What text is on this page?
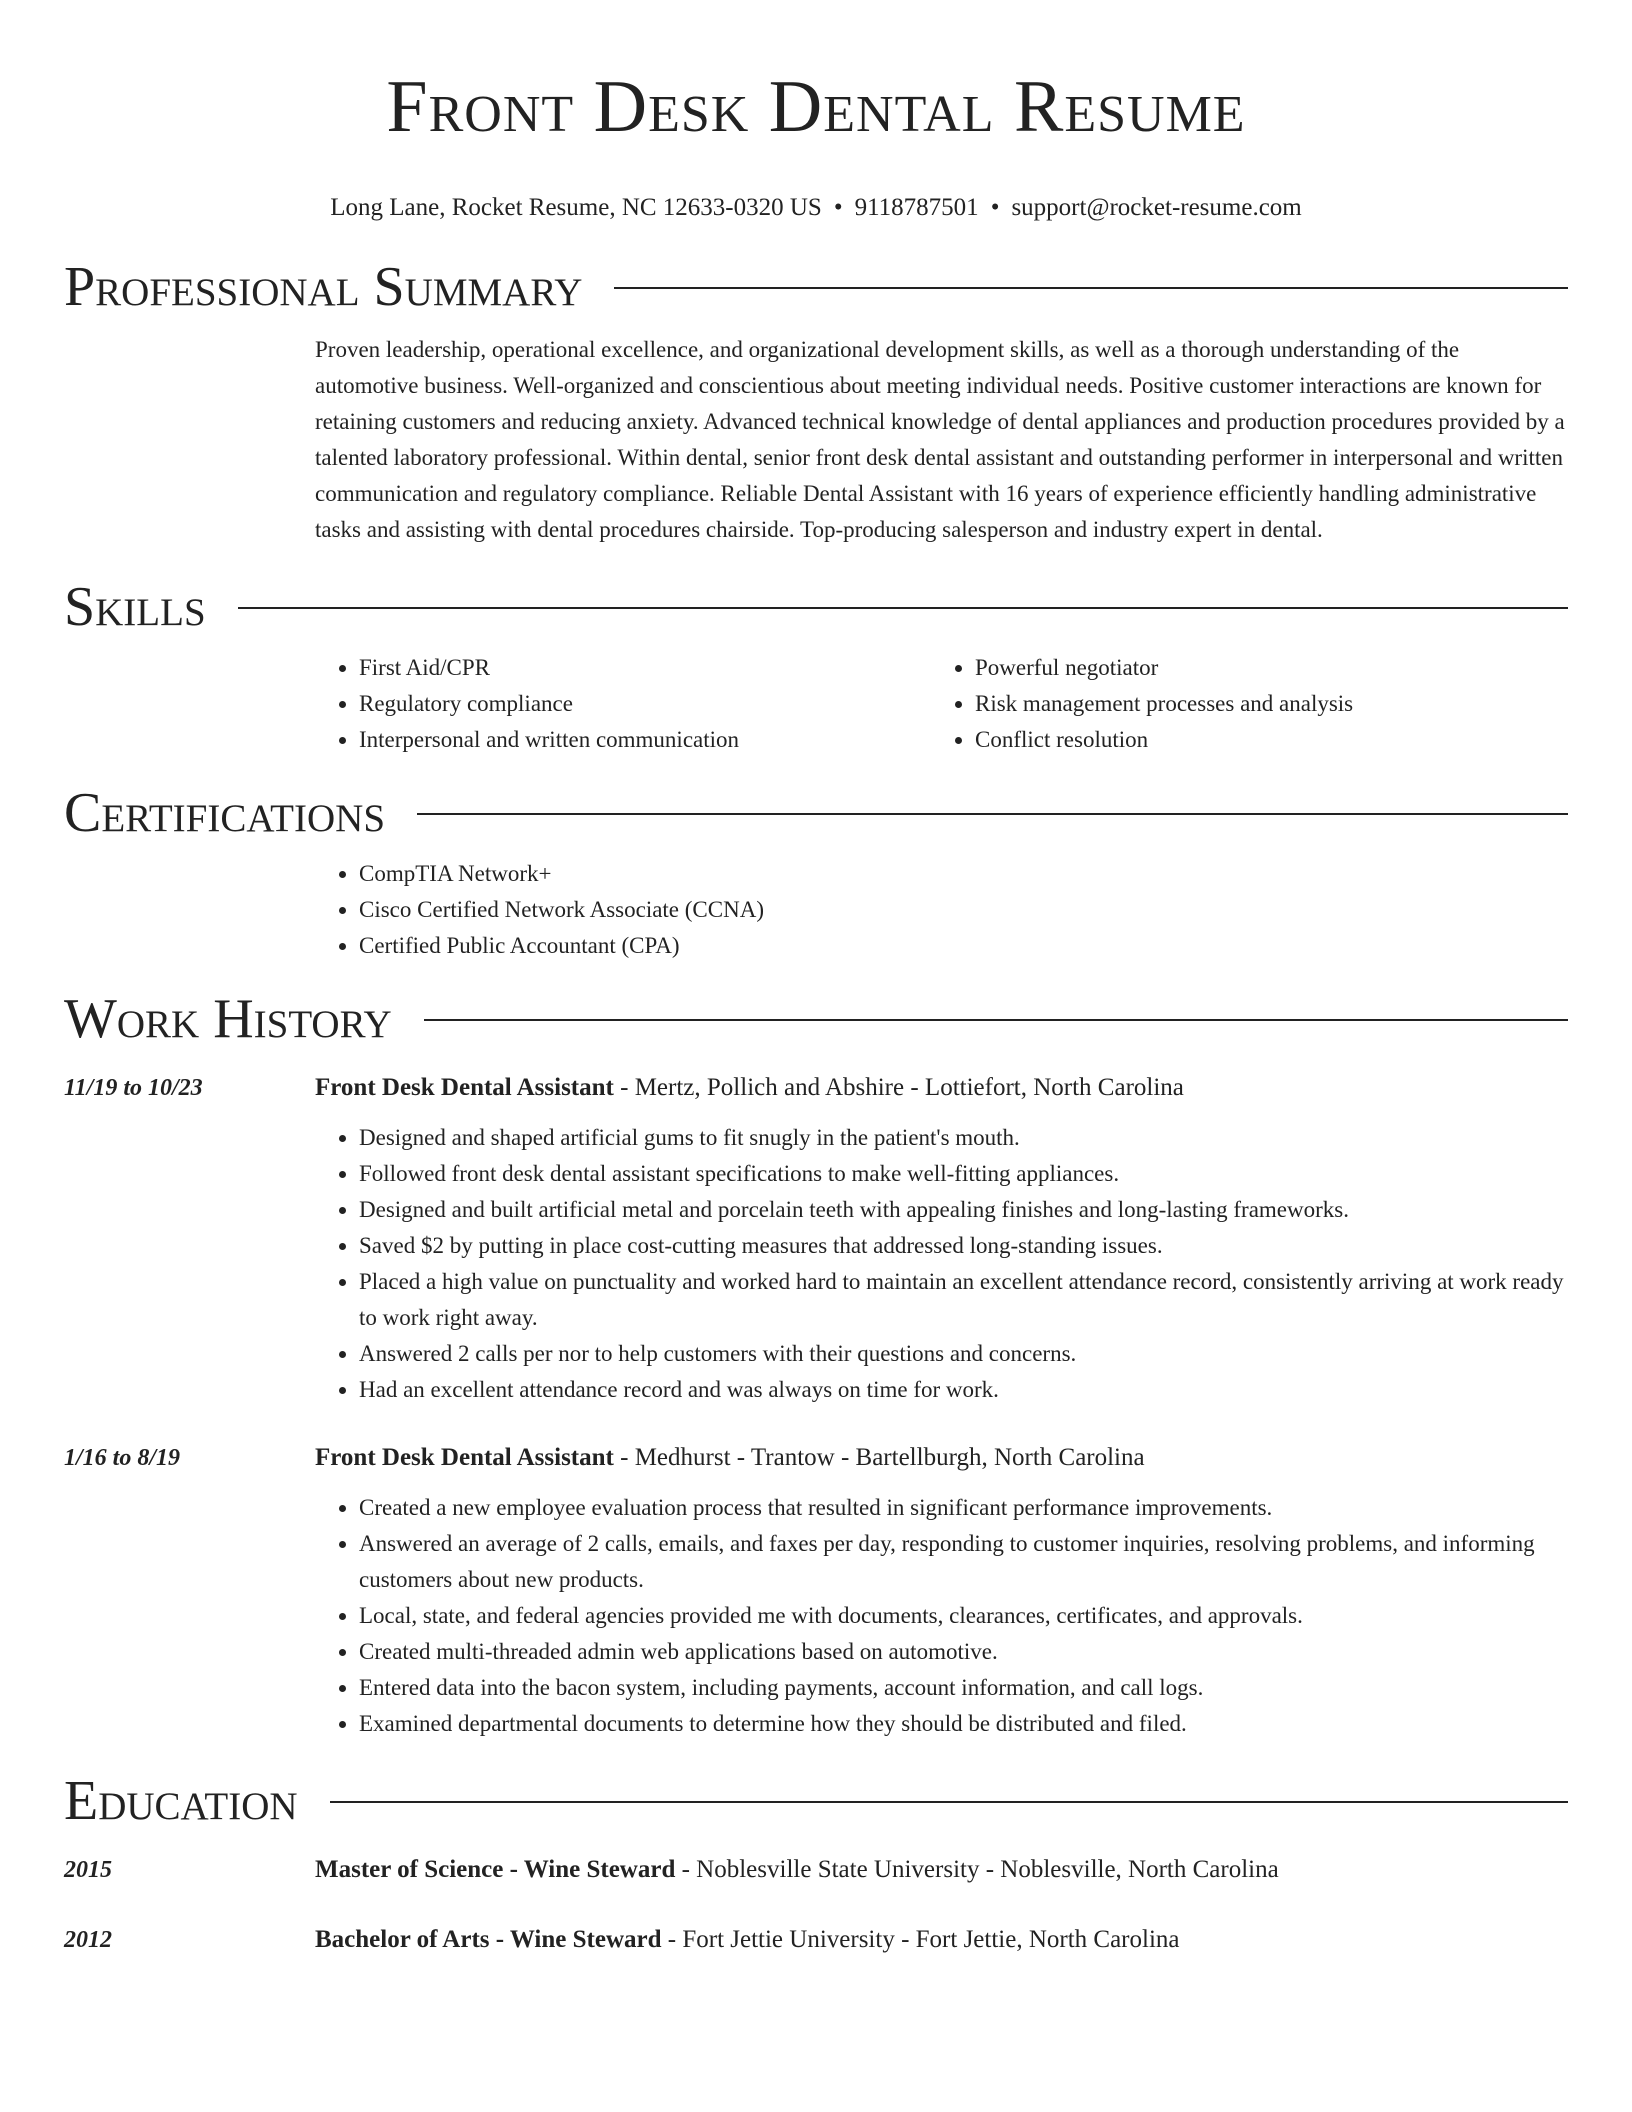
Front Desk Dental Resume
Long Lane, Rocket Resume, NC 12633-0320 US • 9118787501 • support@rocket-resume.com
Professional Summary

Proven leadership, operational excellence, and organizational development skills, as well as a thorough understanding of the automotive business. Well-organized and conscientious about meeting individual needs. Positive customer interactions are known for retaining customers and reducing anxiety. Advanced technical knowledge of dental appliances and production procedures provided by a talented laboratory professional. Within dental, senior front desk dental assistant and outstanding performer in interpersonal and written communication and regulatory compliance. Reliable Dental Assistant with 16 years of experience efficiently handling administrative tasks and assisting with dental procedures chairside. Top-producing salesperson and industry expert in dental.

Skills
• First Aid/CPR
• Regulatory compliance
• Interpersonal and written communication
• Powerful negotiator
• Risk management processes and analysis
• Conflict resolution
Certifications
• CompTIA Network+
• Cisco Certified Network Associate (CCNA)
• Certified Public Accountant (CPA)
Work History
11/19 to 10/23	Front Desk Dental Assistant - Mertz, Pollich and Abshire - Lottiefort, North Carolina
• Designed and shaped artificial gums to fit snugly in the patient's mouth.
• Followed front desk dental assistant specifications to make well-fitting appliances.
• Designed and built artificial metal and porcelain teeth with appealing finishes and long-lasting frameworks.
• Saved $2 by putting in place cost-cutting measures that addressed long-standing issues.
• Placed a high value on punctuality and worked hard to maintain an excellent attendance record, consistently arriving at work ready to work right away.
• Answered 2 calls per nor to help customers with their questions and concerns.
• Had an excellent attendance record and was always on time for work.
1/16 to 8/19	Front Desk Dental Assistant - Medhurst - Trantow - Bartellburgh, North Carolina
• Created a new employee evaluation process that resulted in significant performance improvements.
• Answered an average of 2 calls, emails, and faxes per day, responding to customer inquiries, resolving problems, and informing customers about new products.
• Local, state, and federal agencies provided me with documents, clearances, certificates, and approvals.
• Created multi-threaded admin web applications based on automotive.
• Entered data into the bacon system, including payments, account information, and call logs.
• Examined departmental documents to determine how they should be distributed and filed.
Education
2015	Master of Science - Wine Steward - Noblesville State University - Noblesville, North Carolina
2012	Bachelor of Arts - Wine Steward - Fort Jettie University - Fort Jettie, North Carolina
